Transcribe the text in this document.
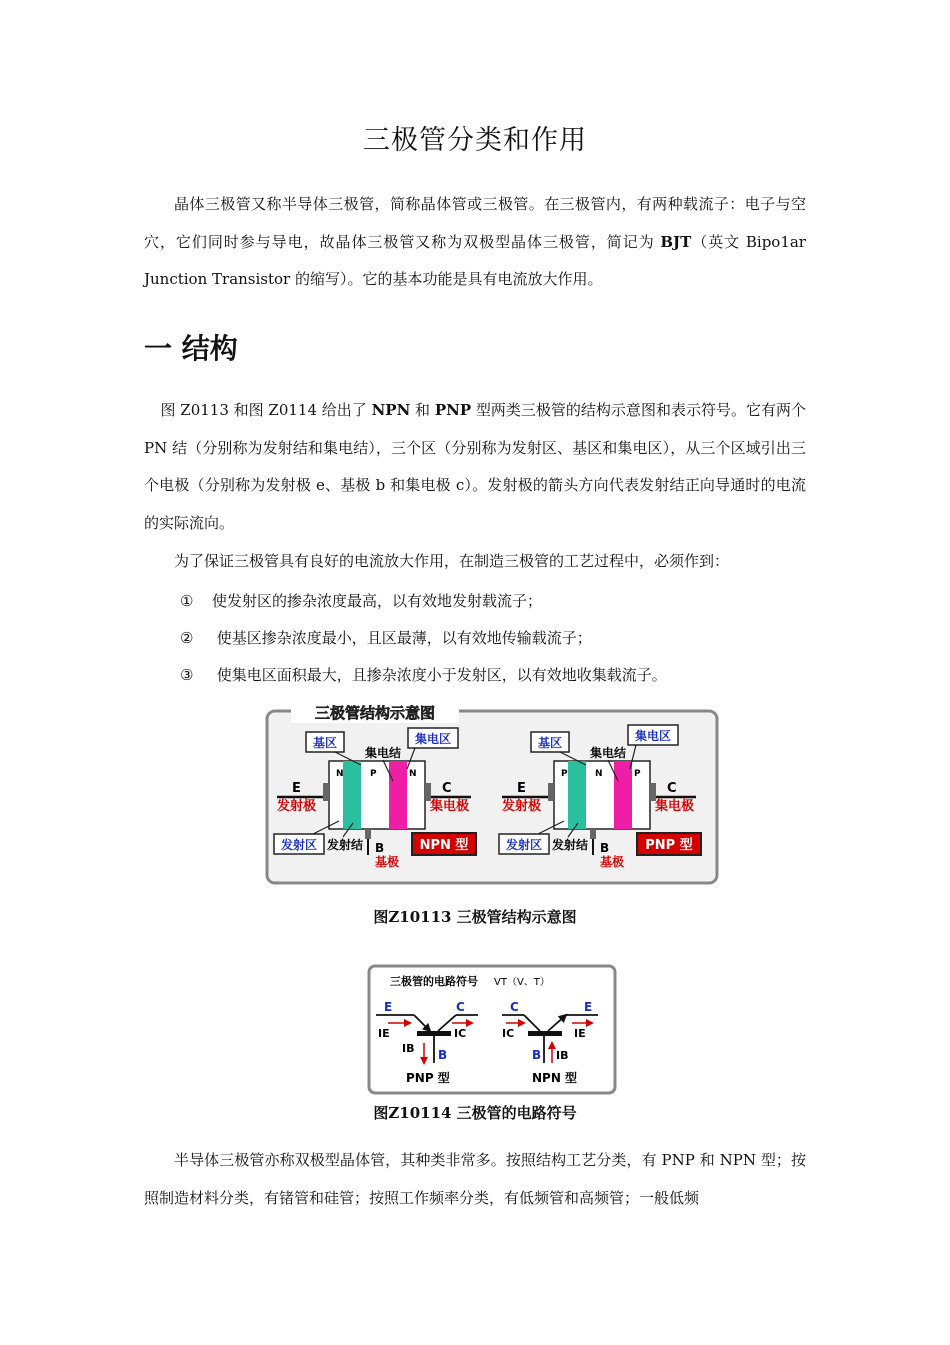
三极管分类和作用

晶体三极管又称半导体三极管，简称晶体管或三极管。在三极管内，有两种载流子：电子与空穴，它们同时参与导电，故晶体三极管又称为双极型晶体三极管，简记为 BJT（英文 Bipo1ar Junction Transistor 的缩写）。它的基本功能是具有电流放大作用。

一 结构

图 Z0113 和图 Z0114 给出了 NPN 和 PNP 型两类三极管的结构示意图和表示符号。它有两个 PN 结（分别称为发射结和集电结），三个区（分别称为发射区、基区和集电区），从三个区域引出三个电极（分别称为发射极 e、基极 b 和集电极 c）。发射极的箭头方向代表发射结正向导通时的电流的实际流向。

为了保证三极管具有良好的电流放大作用，在制造三极管的工艺过程中，必须作到：

① 使发射区的掺杂浓度最高，以有效地发射载流子；

② 使基区掺杂浓度最小，且区最薄，以有效地传输载流子；

③ 使集电区面积最大，且掺杂浓度小于发射区，以有效地收集载流子。

三极管结构示意图
N	P	N
E
发射极
C
集电极
B
基极
基区
集电结
集电区
发射区 发射结	NPN 型
P	N	P
E
发射极
C
集电极
B
基极
基区
集电结
集电区
发射区 发射结	PNP 型

图Z10113 三极管结构示意图

三极管的电路符号 VT（V、T）
E	C
B
IE	IC
IB
PNP 型
C	E
B
IC	IE
IB
NPN 型

图Z10114 三极管的电路符号

半导体三极管亦称双极型晶体管，其种类非常多。按照结构工艺分类，有 PNP 和 NPN 型；按照制造材料分类，有锗管和硅管；按照工作频率分类，有低频管和高频管；一般低频
